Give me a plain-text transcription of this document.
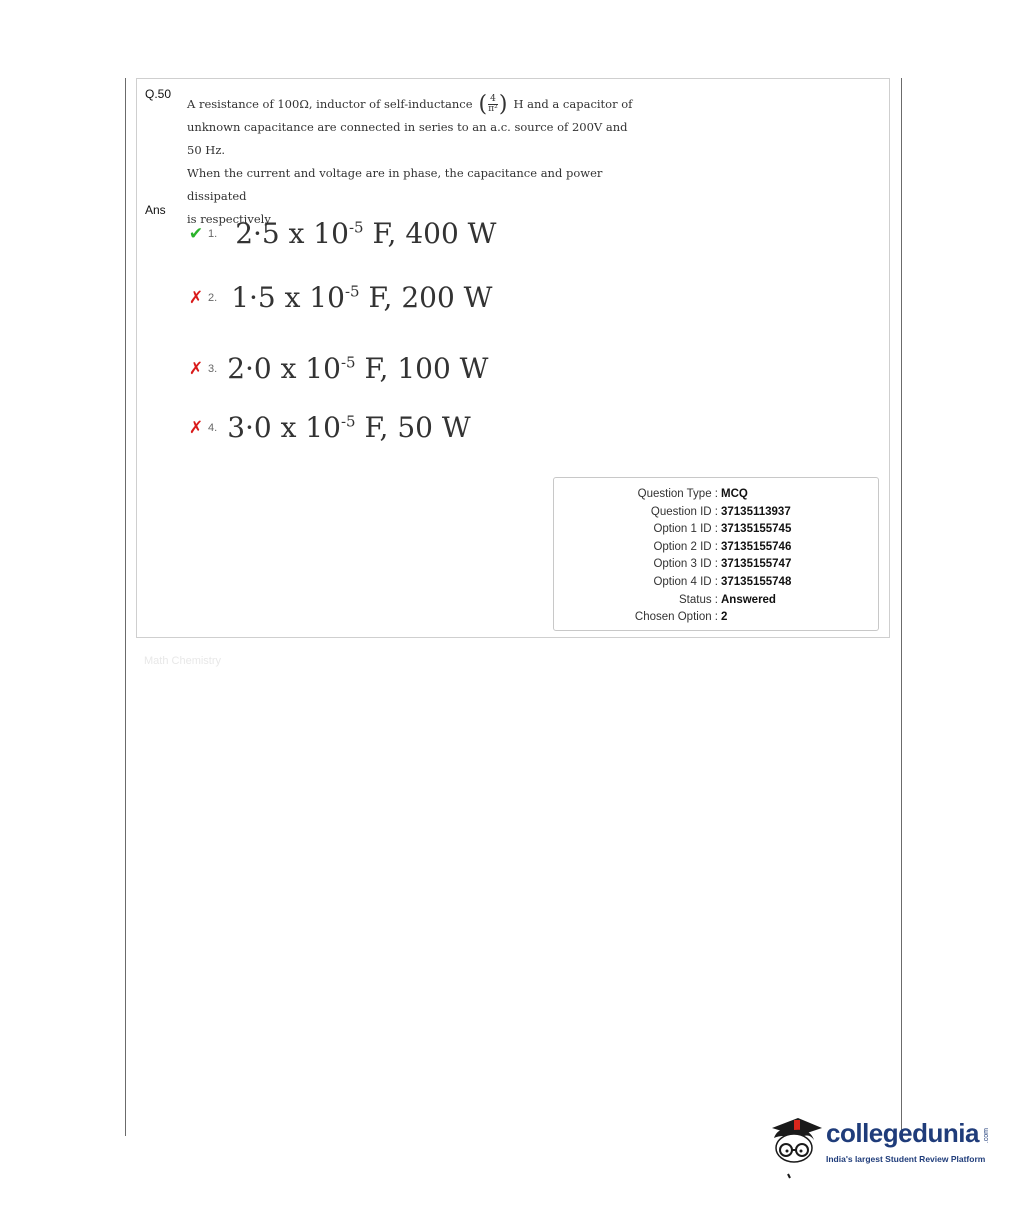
Q.50

A resistance of 100Ω, inductor of self-inductance ( $\frac{4}{\text{π²}}$ ) H and a capacitor of

unknown capacitance are connected in series to an a.c. source of 200V and 50 Hz.

When the current and voltage are in phase, the capacitance and power dissipated

is respectively

Ans
✔ 1. 2·5 x $10^{-5}$ F, 400 W
✗ 2. 1·5 x $10^{-5}$ F, 200 W
✗ 3. 2·0 x $10^{-5}$ F, 100 W
✗ 4. 3·0 x $10^{-5}$ F, 50 W
Question Type : MCQ
Question ID : 37135113937
Option 1 ID : 37135155745
Option 2 ID : 37135155746
Option 3 ID : 37135155747
Option 4 ID : 37135155748
Status : Answered
Chosen Option : 2
Math Chemistry
collegedunia .com
India's largest Student Review Platform
